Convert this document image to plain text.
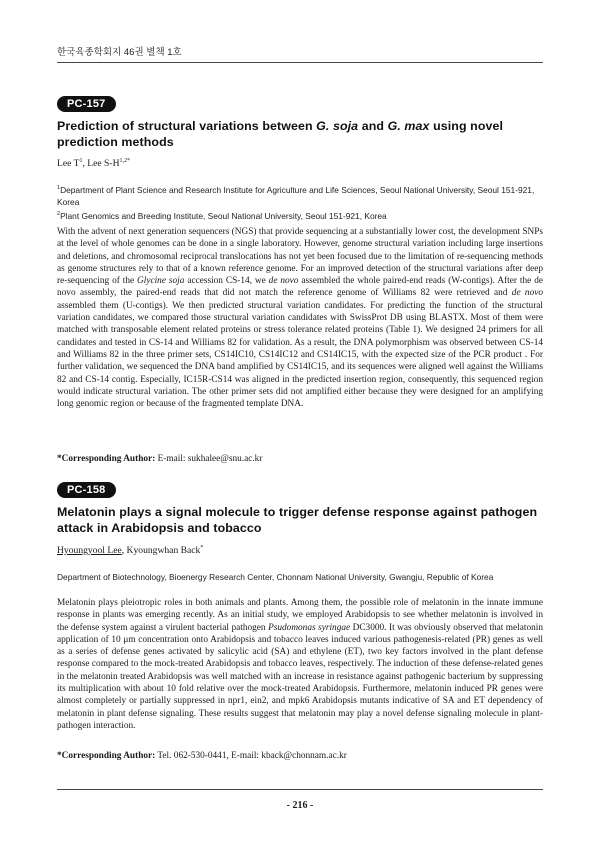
한국육종학회지 46권 별책 1호
PC-157

Prediction of structural variations between G. soja and G. max using novel prediction methods

Lee $T^1$, Lee $S-H^{1,2*}$

$^1$Department of Plant Science and Research Institute for Agriculture and Life Sciences, Seoul National University, Seoul 151-921, Korea
$^2$Plant Genomics and Breeding Institute, Seoul National University, Seoul 151-921, Korea

With the advent of next generation sequencers (NGS) that provide sequencing at a substantially lower cost, the development SNPs at the level of whole genomes can be done in a single laboratory. However, genome structural variation including large insertions and deletions, and chromosomal reciprocal translocations has not yet been focused due to the limitation of re-sequencing methods as genome structures rely to that of a known reference genome. For an improved detection of the structural variations after deep re-sequencing of the Glycine soja accession CS-14, we de novo assembled the whole paired-end reads (W-contigs). After the de novo assembly, the paired-end reads that did not match the reference genome of Williams 82 were retrieved and de novo assembled them (U-contigs). We then predicted structural variation candidates. For predicting the function of the structural variation candidates, we compared those structural variation candidates with SwissProt DB using BLASTX. Most of them were matched with transposable element related proteins or stress tolerance related proteins (Table 1). We designed 24 primers for all candidates and tested in CS-14 and Williams 82 for validation. As a result, the DNA polymorphism was observed between CS-14 and Williams 82 in the three primer sets, CS14IC10, CS14IC12 and CS14IC15, with the expected size of the PCR product . For further validation, we sequenced the DNA band amplified by CS14IC15, and its sequences were aligned well against the Williams 82 and CS-14 contig. Especially, IC15R-CS14 was aligned in the predicted insertion region, consequently, this sequenced region would indicate structural variation. The other primer sets did not amplified either because they were designed for an amplifying long genomic region or because of the fragmented template DNA.

*Corresponding Author: E-mail: sukhalee@snu.ac.kr

PC-158

Melatonin plays a signal molecule to trigger defense response against pathogen attack in Arabidopsis and tobacco

Hyoungyool Lee, Kyoungwhan Back*

Department of Biotechnology, Bioenergy Research Center, Chonnam National University, Gwangju, Republic of Korea

Melatonin plays pleiotropic roles in both animals and plants. Among them, the possible role of melatonin in the innate immune response in plants was emerging recently. As an initial study, we employed Arabidopsis to see whether melatonin is involved in the defense system against a virulent bacterial pathogen Psudomonas syringae DC3000. It was obviously observed that melatonin application of 10 μm concentration onto Arabidopsis and tobacco leaves induced various pathogenesis-related (PR) genes as well as a series of defense genes activated by salicylic acid (SA) and ethylene (ET), two key factors involved in the plant defense response compared to the mock-treated Arabidopsis and tobacco leaves, respectively. The induction of these defense-related genes in the melatonin treated Arabidopsis was well matched with an increase in resistance against pathogenic bacterium by suppressing its multiplication with about 10 fold relative over the mock-treated Arabidopsis. Furthermore, melatonin induced PR genes were almost completely or partially suppressed in npr1, ein2, and mpk6 Arabidopsis mutants indicative of SA and ET dependency of melatonin in plant defense signaling. These results suggest that melatonin may play a novel defense signaling molecule in plant-pathogen interaction.

*Corresponding Author: Tel. 062-530-0441, E-mail: kback@chonnam.ac.kr

- 216 -
